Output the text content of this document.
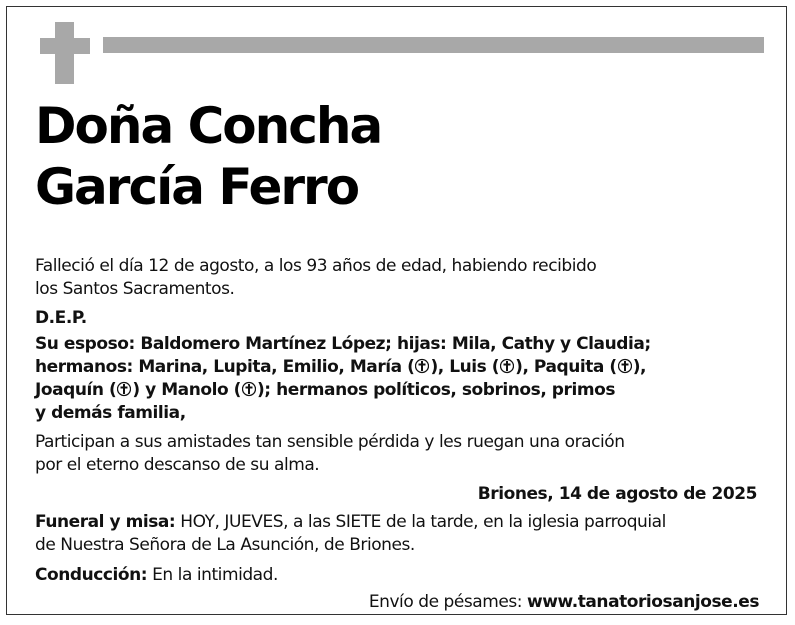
Doña Concha
García Ferro

Falleció el día 12 de agosto, a los 93 años de edad, habiendo recibido
los Santos Sacramentos.

D.E.P.

Su esposo: Baldomero Martínez López; hijas: Mila, Cathy y Claudia;
hermanos: Marina, Lupita, Emilio, María ( ), Luis ( ), Paquita ( ),
Joaquín ( ) y Manolo ( ); hermanos políticos, sobrinos, primos
y demás familia,

Participan a sus amistades tan sensible pérdida y les ruegan una oración
por el eterno descanso de su alma.

Briones, 14 de agosto de 2025

Funeral y misa: HOY, JUEVES, a las SIETE de la tarde, en la iglesia parroquial
de Nuestra Señora de La Asunción, de Briones.

Conducción: En la intimidad.

Envío de pésames: www.tanatoriosanjose.es
